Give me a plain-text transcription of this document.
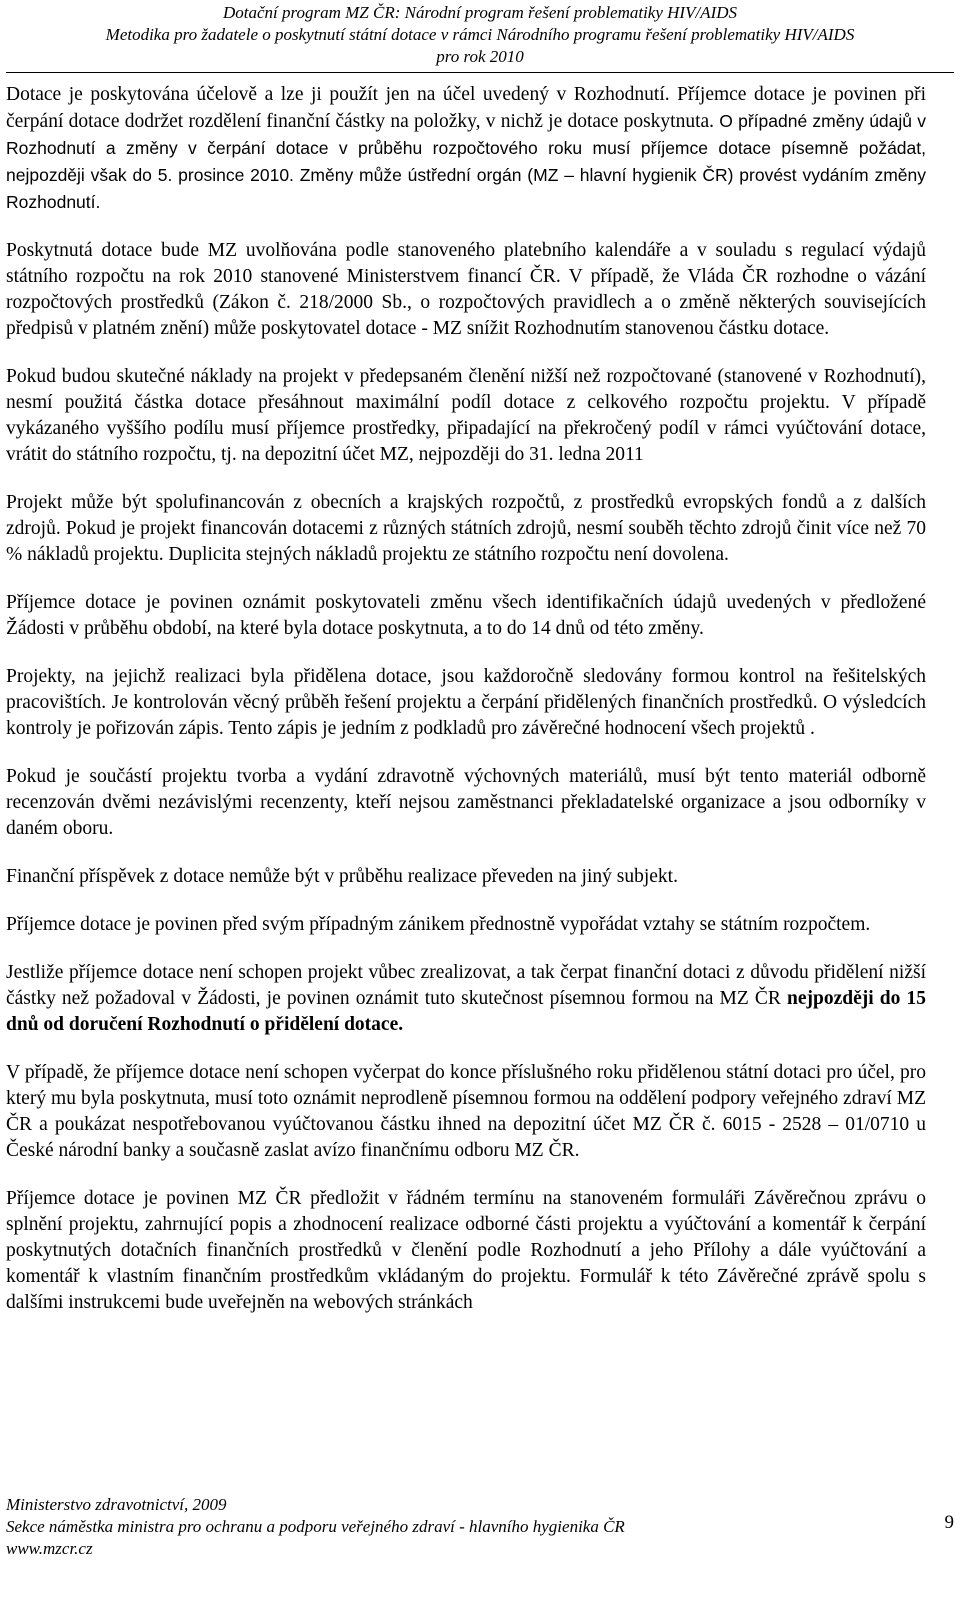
Dotační program MZ ČR: Národní program řešení problematiky HIV/AIDS
Metodika pro žadatele o poskytnutí státní dotace v rámci Národního programu řešení problematiky HIV/AIDS
pro rok 2010

Dotace je poskytována účelově a lze ji použít jen na účel uvedený v Rozhodnutí. Příjemce dotace je povinen při čerpání dotace dodržet rozdělení finanční částky na položky, v nichž je dotace poskytnuta. O případné změny údajů v Rozhodnutí a změny v čerpání dotace v průběhu rozpočtového roku musí příjemce dotace písemně požádat, nejpozději však do 5. prosince 2010. Změny může ústřední orgán (MZ – hlavní hygienik ČR) provést vydáním změny Rozhodnutí.

Poskytnutá dotace bude MZ uvolňována podle stanoveného platebního kalendáře a v souladu s regulací výdajů státního rozpočtu na rok 2010 stanovené Ministerstvem financí ČR. V případě, že Vláda ČR rozhodne o vázání rozpočtových prostředků (Zákon č. 218/2000 Sb., o rozpočtových pravidlech a o změně některých souvisejících předpisů v platném znění) může poskytovatel dotace - MZ snížit Rozhodnutím stanovenou částku dotace.

Pokud budou skutečné náklady na projekt v předepsaném členění nižší než rozpočtované (stanovené v Rozhodnutí), nesmí použitá částka dotace přesáhnout maximální podíl dotace z celkového rozpočtu projektu. V případě vykázaného vyššího podílu musí příjemce prostředky, připadající na překročený podíl v rámci vyúčtování dotace, vrátit do státního rozpočtu, tj. na depozitní účet MZ, nejpozději do 31. ledna 2011

Projekt může být spolufinancován z obecních a krajských rozpočtů, z prostředků evropských fondů a z dalších zdrojů. Pokud je projekt financován dotacemi z různých státních zdrojů, nesmí souběh těchto zdrojů činit více než 70 % nákladů projektu. Duplicita stejných nákladů projektu ze státního rozpočtu není dovolena.

Příjemce dotace je povinen oznámit poskytovateli změnu všech identifikačních údajů uvedených v předložené Žádosti v průběhu období, na které byla dotace poskytnuta, a to do 14 dnů od této změny.

Projekty, na jejichž realizaci byla přidělena dotace, jsou každoročně sledovány formou kontrol na řešitelských pracovištích. Je kontrolován věcný průběh řešení projektu a čerpání přidělených finančních prostředků. O výsledcích kontroly je pořizován zápis. Tento zápis je jedním z podkladů pro závěrečné hodnocení všech projektů .

Pokud je součástí projektu tvorba a vydání zdravotně výchovných materiálů, musí být tento materiál odborně recenzován dvěmi nezávislými recenzenty, kteří nejsou zaměstnanci překladatelské organizace a jsou odborníky v daném oboru.

Finanční příspěvek z dotace nemůže být v průběhu realizace převeden na jiný subjekt.

Příjemce dotace je povinen před svým případným zánikem přednostně vypořádat vztahy se státním rozpočtem.

Jestliže příjemce dotace není schopen projekt vůbec zrealizovat, a tak čerpat finanční dotaci z důvodu přidělení nižší částky než požadoval v Žádosti, je povinen oznámit tuto skutečnost písemnou formou na MZ ČR nejpozději do 15 dnů od doručení Rozhodnutí o přidělení dotace.

V případě, že příjemce dotace není schopen vyčerpat do konce příslušného roku přidělenou státní dotaci pro účel, pro který mu byla poskytnuta, musí toto oznámit neprodleně písemnou formou na oddělení podpory veřejného zdraví MZ ČR a poukázat nespotřebovanou vyúčtovanou částku ihned na depozitní účet MZ ČR č. 6015 - 2528 – 01/0710 u České národní banky a současně zaslat avízo finančnímu odboru MZ ČR.

Příjemce dotace je povinen MZ ČR předložit v řádném termínu na stanoveném formuláři Závěrečnou zprávu o splnění projektu, zahrnující popis a zhodnocení realizace odborné části projektu a vyúčtování a komentář k čerpání poskytnutých dotačních finančních prostředků v členění podle Rozhodnutí a jeho Přílohy a dále vyúčtování a komentář k vlastním finančním prostředkům vkládaným do projektu. Formulář k této Závěrečné zprávě spolu s dalšími instrukcemi bude uveřejněn na webových stránkách

Ministerstvo zdravotnictví, 2009
Sekce náměstka ministra pro ochranu a podporu veřejného zdraví - hlavního hygienika ČR
www.mzcr.cz
9
